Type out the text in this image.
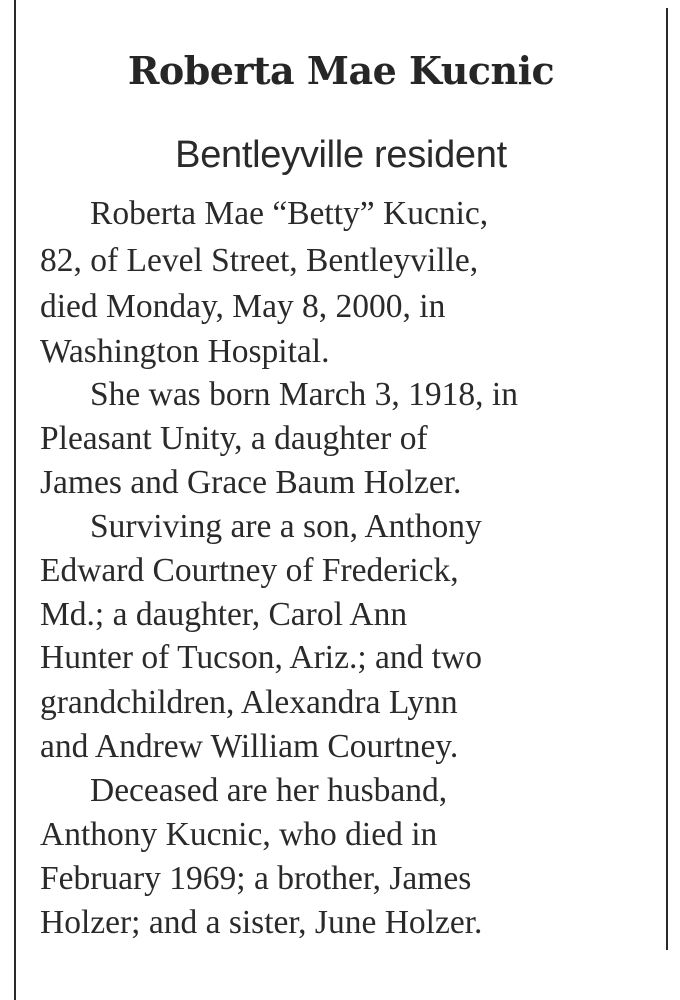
Roberta Mae Kucnic
Bentleyville resident
Roberta Mae “Betty” Kucnic,
82, of Level Street, Bentleyville,
died Monday, May 8, 2000, in
Washington Hospital.
She was born March 3, 1918, in
Pleasant Unity, a daughter of
James and Grace Baum Holzer.
Surviving are a son, Anthony
Edward Courtney of Frederick,
Md.; a daughter, Carol Ann
Hunter of Tucson, Ariz.; and two
grandchildren, Alexandra Lynn
and Andrew William Courtney.
Deceased are her husband,
Anthony Kucnic, who died in
February 1969; a brother, James
Holzer; and a sister, June Holzer.
